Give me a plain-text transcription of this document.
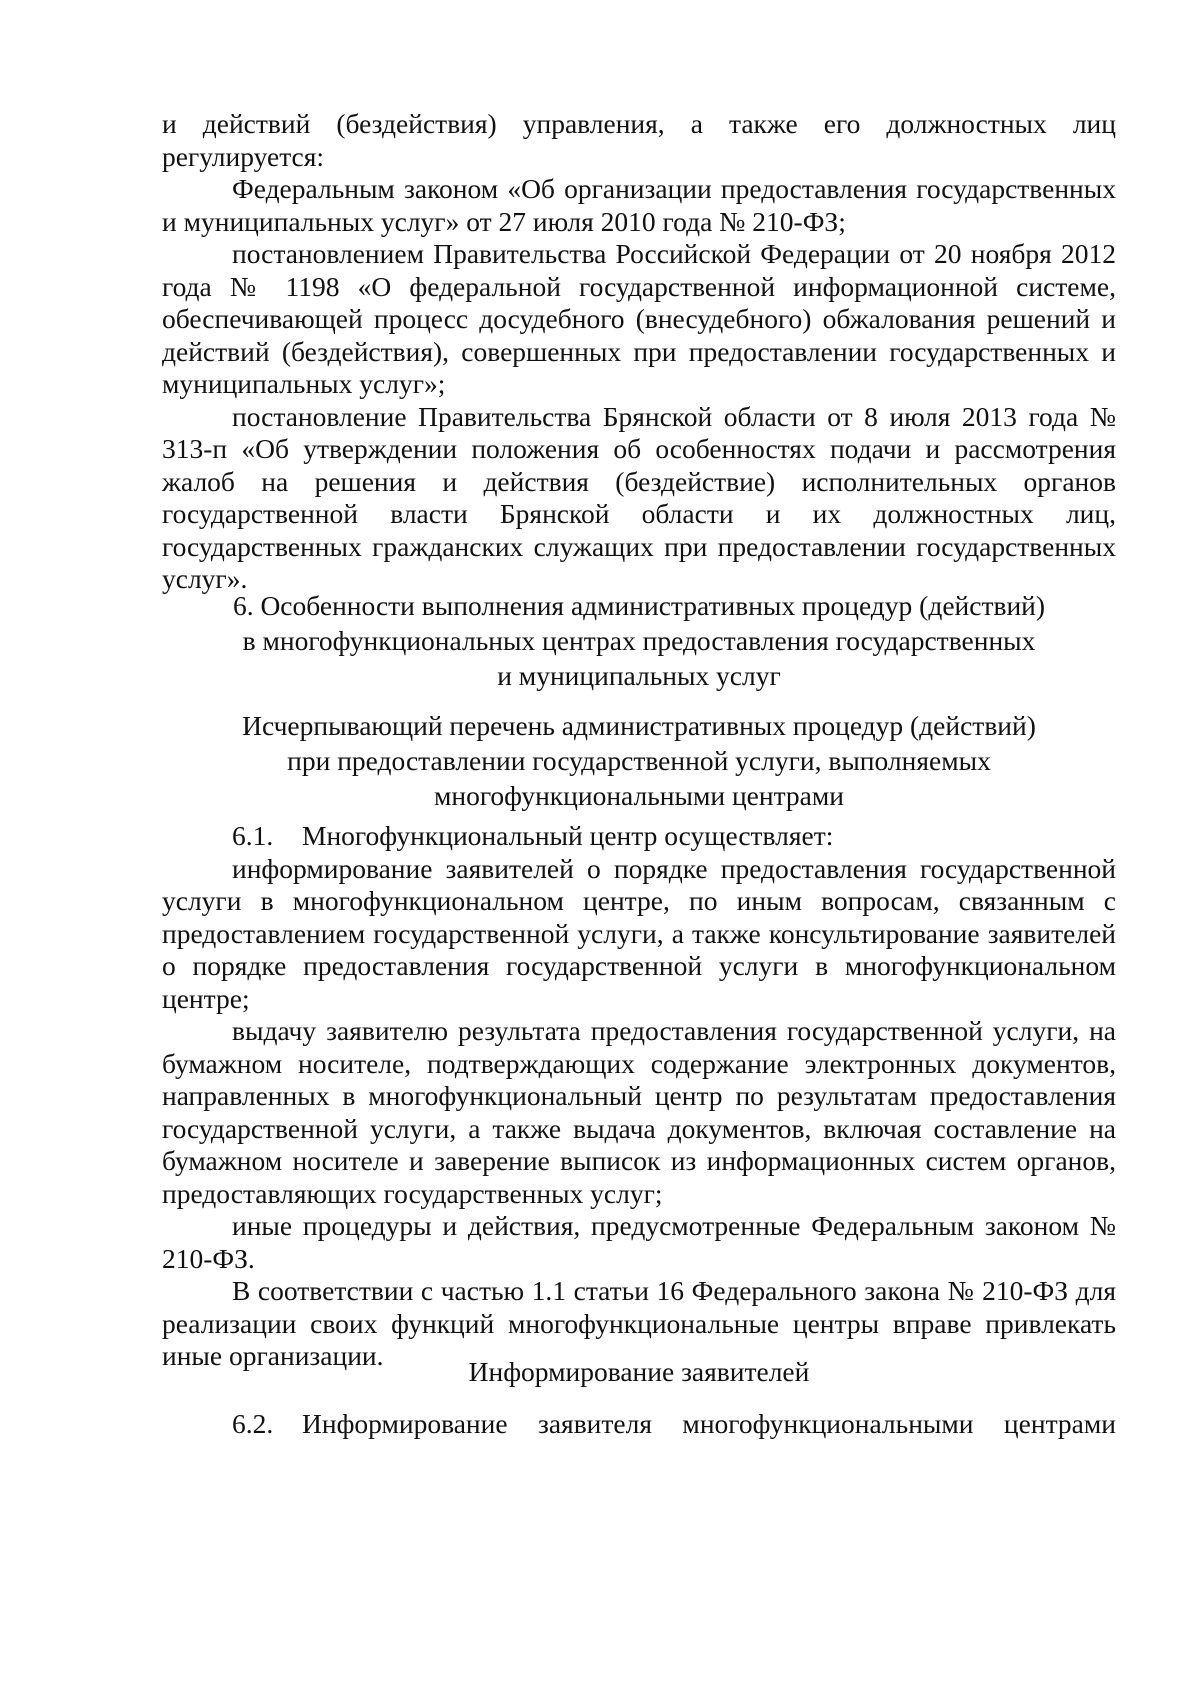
и действий (бездействия) управления, а также его должностных лиц регулируется:

Федеральным законом «Об организации предоставления государственных и муниципальных услуг» от 27 июля 2010 года № 210-ФЗ;

постановлением Правительства Российской Федерации от 20 ноября 2012 года № 1198 «О федеральной государственной информационной системе, обеспечивающей процесс досудебного (внесудебного) обжалования решений и действий (бездействия), совершенных при предоставлении государственных и муниципальных услуг»;

постановление Правительства Брянской области от 8 июля 2013 года № 313-п «Об утверждении положения об особенностях подачи и рассмотрения жалоб на решения и действия (бездействие) исполнительных органов государственной власти Брянской области и их должностных лиц, государственных гражданских служащих при предоставлении государственных услуг».

6. Особенности выполнения административных процедур (действий)
в многофункциональных центрах предоставления государственных
и муниципальных услуг
Исчерпывающий перечень административных процедур (действий)
при предоставлении государственной услуги, выполняемых
многофункциональными центрами

6.1. Многофункциональный центр осуществляет:

информирование заявителей о порядке предоставления государственной услуги в многофункциональном центре, по иным вопросам, связанным с предоставлением государственной услуги, а также консультирование заявителей о порядке предоставления государственной услуги в многофункциональном центре;

выдачу заявителю результата предоставления государственной услуги, на бумажном носителе, подтверждающих содержание электронных документов, направленных в многофункциональный центр по результатам предоставления государственной услуги, а также выдача документов, включая составление на бумажном носителе и заверение выписок из информационных систем органов, предоставляющих государственных услуг;

иные процедуры и действия, предусмотренные Федеральным законом № 210-ФЗ.

В соответствии с частью 1.1 статьи 16 Федерального закона № 210-ФЗ для реализации своих функций многофункциональные центры вправе привлекать иные организации.

Информирование заявителей

6.2. Информирование заявителя многофункциональными центрами
